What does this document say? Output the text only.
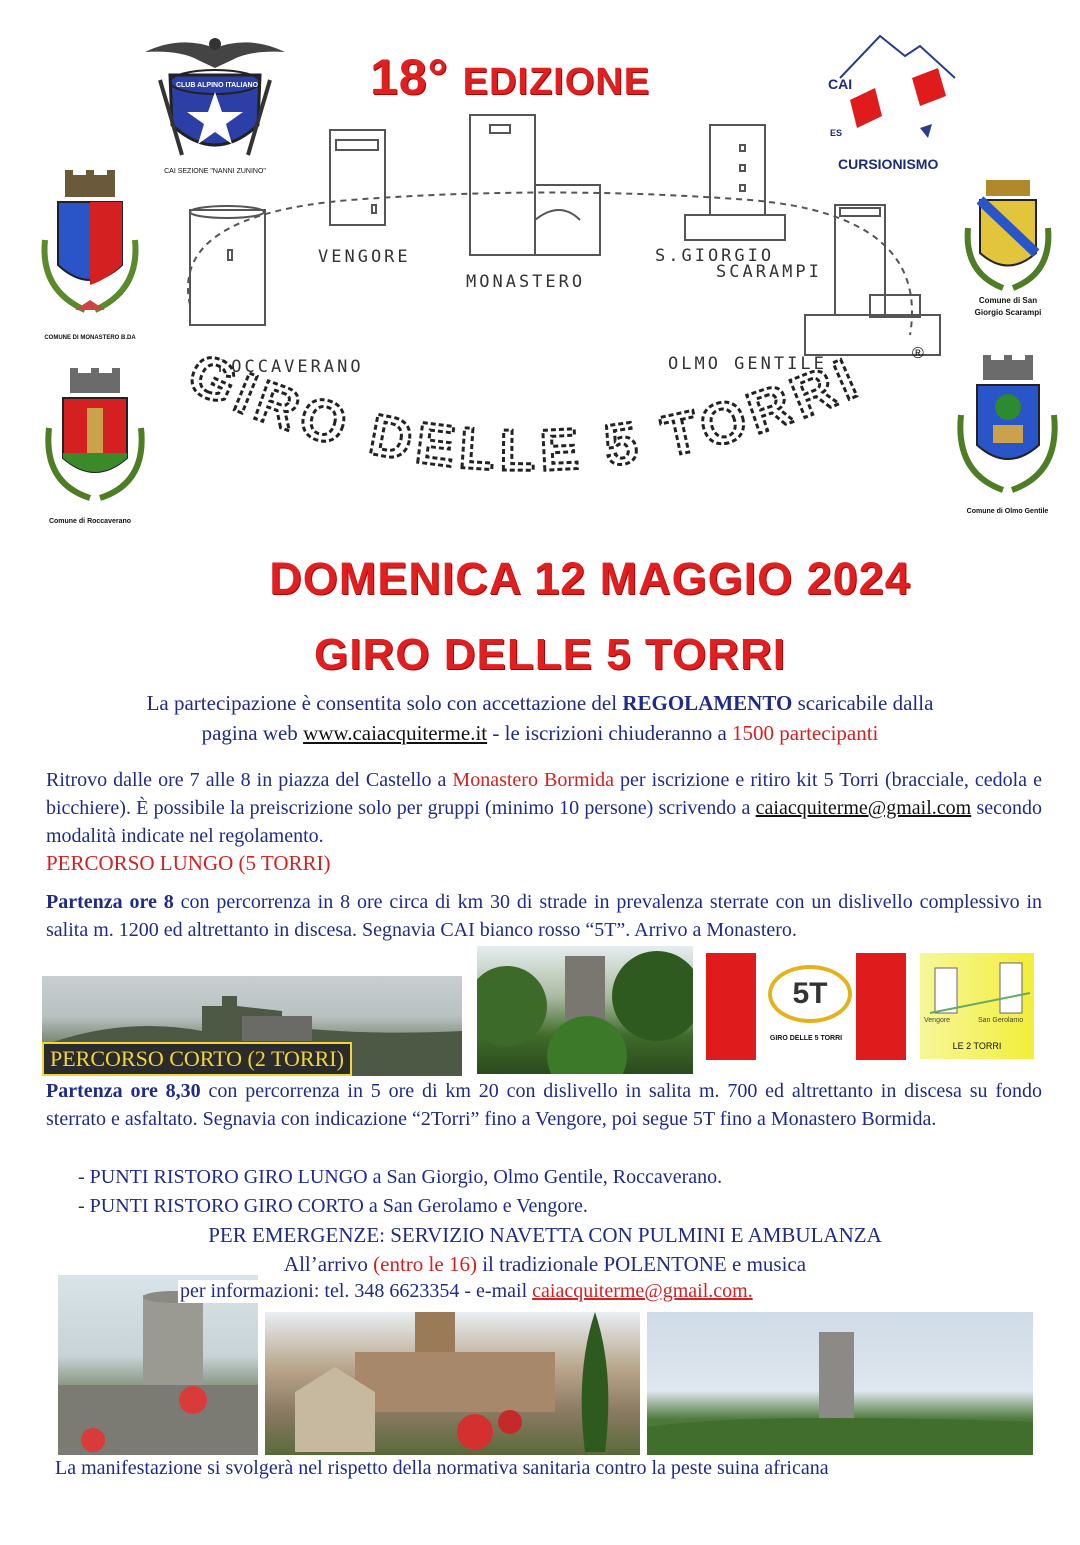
CLUB ALPINO ITALIANO
CAI SEZIONE "NANNI ZUNINO"
18° EDIZIONE	CAI
ES
CURSIONISMO
COMUNE DI MONASTERO B.DA
Comune di Roccaverano
Comune di San
Giorgio Scarampi
Comune di Olmo Gentile
VENGORE
MONASTERO
S.GIORGIO
SCARAMPI
ROCCAVERANO	OLMO GENTILE
®
GIRO DELLE 5 TORRI
DOMENICA 12 MAGGIO 2024
GIRO DELLE 5 TORRI
La partecipazione è consentita solo con accettazione del REGOLAMENTO scaricabile dalla
pagina web www.caiacquiterme.it - le iscrizioni chiuderanno a 1500 partecipanti
Ritrovo dalle ore 7 alle 8 in piazza del Castello a Monastero Bormida per iscrizione e ritiro kit 5 Torri (bracciale, cedola e bicchiere). È possibile la preiscrizione solo per gruppi (minimo 10 persone) scrivendo a caiacquiterme@gmail.com secondo modalità indicate nel regolamento.
PERCORSO LUNGO (5 TORRI)
Partenza ore 8 con percorrenza in 8 ore circa di km 30 di strade in prevalenza sterrate con un dislivello complessivo in salita m. 1200 ed altrettanto in discesa. Segnavia CAI bianco rosso “5T”. Arrivo a Monastero.
PERCORSO CORTO (2 TORRI)
5T
GIRO DELLE 5 TORRI
Vengore	San Gerolamo
LE 2 TORRI
Partenza ore 8,30 con percorrenza in 5 ore di km 20 con dislivello in salita m. 700 ed altrettanto in discesa su fondo sterrato e asfaltato. Segnavia con indicazione “2Torri” fino a Vengore, poi segue 5T fino a Monastero Bormida.
- PUNTI RISTORO GIRO LUNGO a San Giorgio, Olmo Gentile, Roccaverano.
- PUNTI RISTORO GIRO CORTO a San Gerolamo e Vengore.
PER EMERGENZE: SERVIZIO NAVETTA CON PULMINI E AMBULANZA
All’arrivo (entro le 16) il tradizionale POLENTONE e musica
per informazioni: tel. 348 6623354 - e-mail caiacquiterme@gmail.com.
La manifestazione si svolgerà nel rispetto della normativa sanitaria contro la peste suina africana
